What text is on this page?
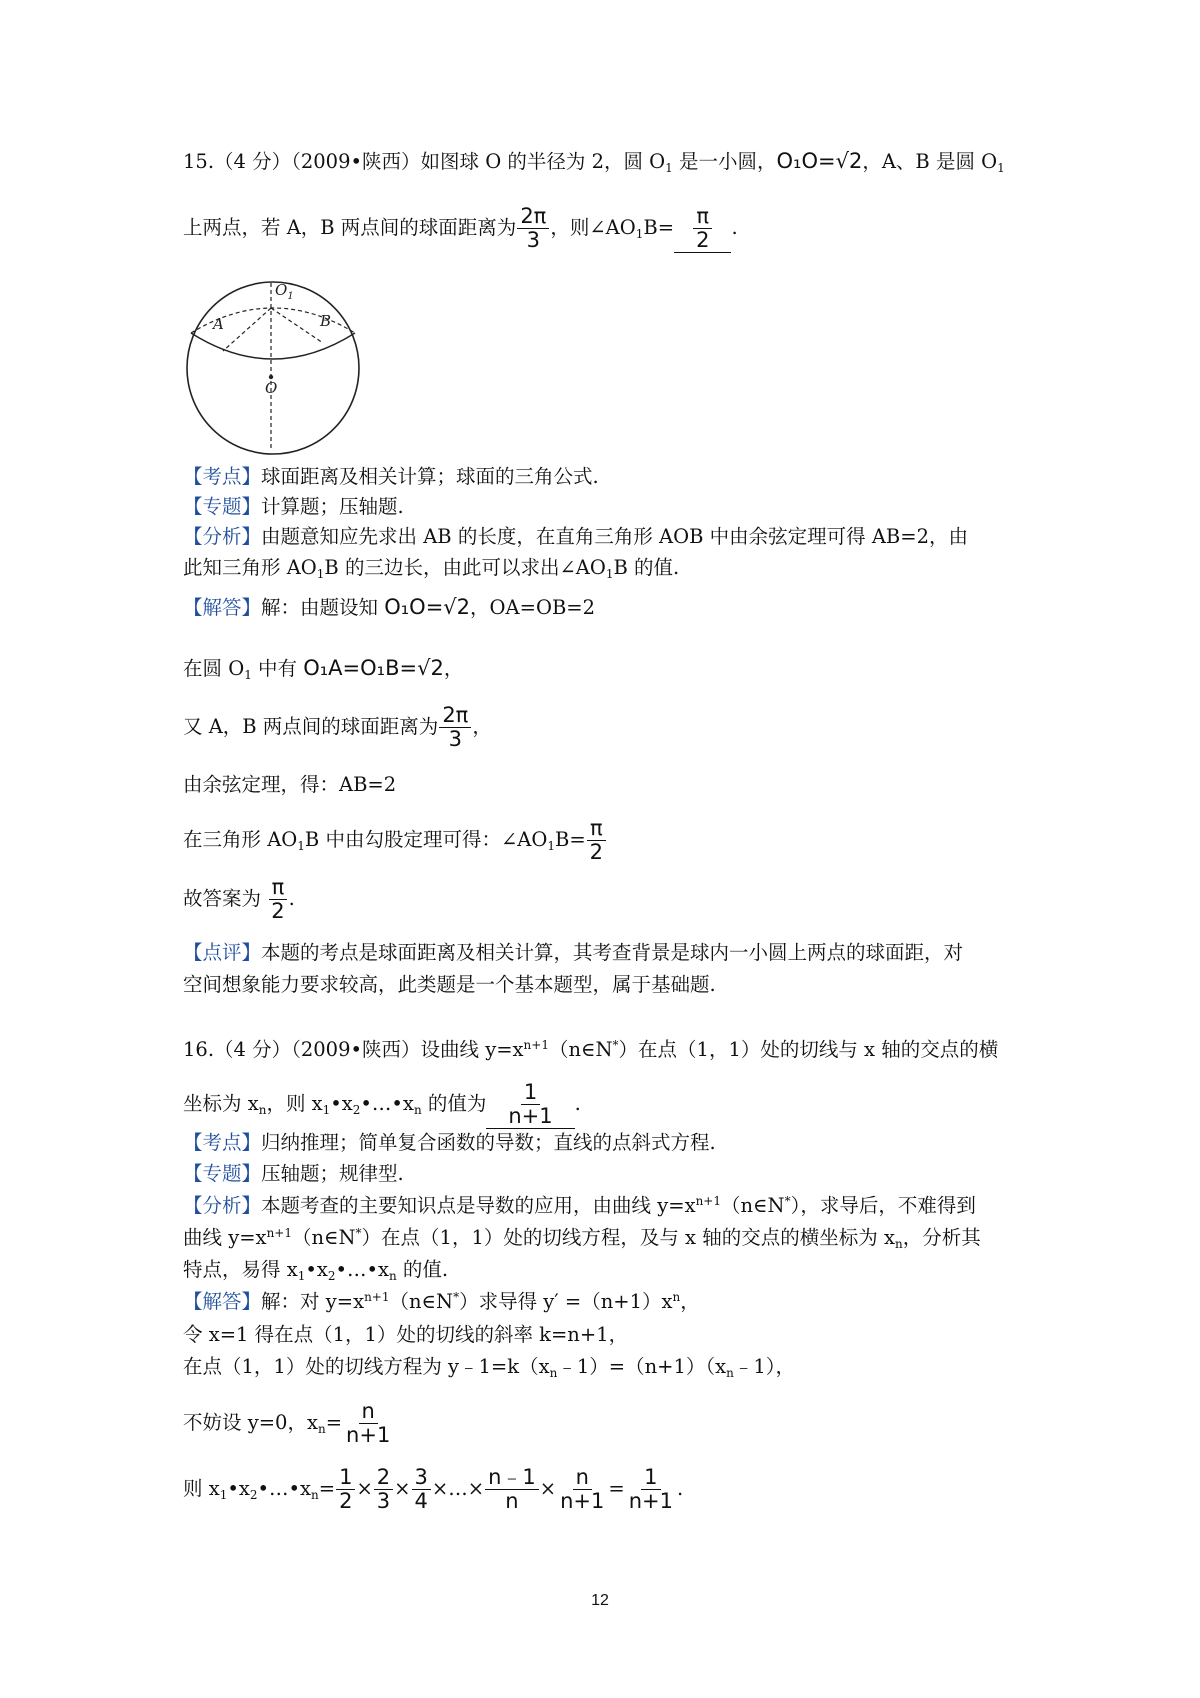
15.（4 分）（2009•陕西）如图球 O 的半径为 2，圆 $O_1$ 是一小圆，O₁O=√2，A、B 是圆 $O_1$
上两点，若 A，B 两点间的球面距离为 $\frac{2\pi}{3}$ ，则$\angle AO_1B= \frac{\pi}{2}$ .
$O_1$
A	B
O
【考点】球面距离及相关计算；球面的三角公式.
【专题】计算题；压轴题.
【分析】由题意知应先求出 AB 的长度，在直角三角形 AOB 中由余弦定理可得 AB=2，由
此知三角形 $AO_1B$ 的三边长，由此可以求出$\angle AO_1B$ 的值.
【解答】解：由题设知 O₁O=√2，OA=OB=2
在圆 $O_1$ 中有 O₁A=O₁B=√2，
又 A，B 两点间的球面距离为 $\frac{2\pi}{3}$ ，
由余弦定理，得：AB=2
在三角形 $AO_1B$ 中由勾股定理可得：$\angle AO_1B= \frac{\pi}{2}$
故答案为 $\frac{\pi}{2}$ .
【点评】本题的考点是球面距离及相关计算，其考查背景是球内一小圆上两点的球面距，对
空间想象能力要求较高，此类题是一个基本题型，属于基础题.
16.（4 分）（2009•陕西）设曲线 $y=x^{n+1}(n\in N^*)$在点（1，1）处的切线与 x 轴的交点的横
坐标为 $x_n$，则 $x_1•x_2•\dots•x_n$ 的值为 $\frac{1}{n+1}$ .
【考点】归纳推理；简单复合函数的导数；直线的点斜式方程.
【专题】压轴题；规律型.
【分析】本题考查的主要知识点是导数的应用，由曲线 $y=x^{n+1}(n\in N^*)$，求导后，不难得到
曲线 $y=x^{n+1}(n\in N^*)$在点（1，1）处的切线方程，及与 x 轴的交点的横坐标为 $x_n$，分析其
特点，易得 $x_1•x_2•\dots•x_n$ 的值.
【解答】解：对 $y=x^{n+1}(n\in N^*)$求导得 $y' =(n+1)x^n$，
令 x=1 得在点（1，1）处的切线的斜率 k=n+1，
在点（1，1）处的切线方程为 $y﹣1=k(x_n﹣1)=(n+1)(x_n﹣1)$，
不妨设 y=0，$x_n= \frac{n}{n+1}$
则 $x_1•x_2•\dots•x_n= \frac{1}{2} \times \frac{2}{3} \times \frac{3}{4}$ ×…× $\frac{n﹣1}{n} \times \frac{n}{n+1} = \frac{1}{n+1}$ .
12
